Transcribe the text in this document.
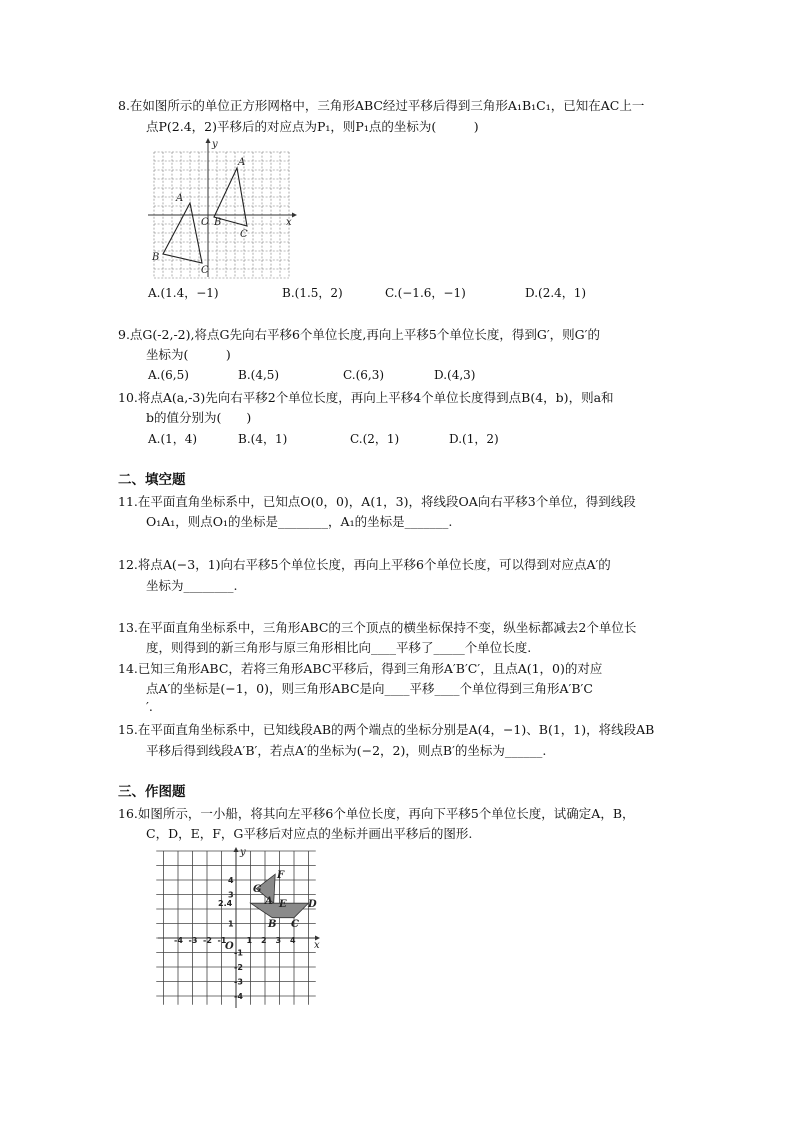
8.在如图所示的单位正方形网格中，三角形ABC经过平移后得到三角形A₁B₁C₁，已知在AC上一
点P(2.4，2)平移后的对应点为P₁，则P₁点的坐标为(　　　)
x
y
O
A
B
C
A
B
C
A.(1.4，−1)	B.(1.5，2)	C.(−1.6，−1)	D.(2.4，1)
9.点G(-2,-2),将点G先向右平移6个单位长度,再向上平移5个单位长度，得到G′，则G′的
坐标为(　　　)
A.(6,5)	B.(4,5)	C.(6,3)	D.(4,3)
10.将点A(a,-3)先向右平移2个单位长度，再向上平移4个单位长度得到点B(4，b)，则a和
b的值分别为(　　)
A.(1，4)	B.(4，1)	C.(2，1)	D.(1，2)
二、填空题
11.在平面直角坐标系中，已知点O(0，0)，A(1，3)，将线段OA向右平移3个单位，得到线段
O₁A₁，则点O₁的坐标是________，A₁的坐标是_______.
12.将点A(−3，1)向右平移5个单位长度，再向上平移6个单位长度，可以得到对应点A′的
坐标为________.
13.在平面直角坐标系中，三角形ABC的三个顶点的横坐标保持不变，纵坐标都减去2个单位长
度，则得到的新三角形与原三角形相比向____平移了_____个单位长度.
14.已知三角形ABC，若将三角形ABC平移后，得到三角形A′B′C′，且点A(1，0)的对应
点A′的坐标是(−1，0)，则三角形ABC是向____平移____个单位得到三角形A′B′C
′.
15.在平面直角坐标系中，已知线段AB的两个端点的坐标分别是A(4，−1)、B(1，1)，将线段AB
平移后得到线段A′B′，若点A′的坐标为(−2，2)，则点B′的坐标为______.
三、作图题
16.如图所示，一小船，将其向左平移6个单位长度，再向下平移5个单位长度，试确定A，B，
C，D，E，F，G平移后对应点的坐标并画出平移后的图形.
x
y
O
-4 -3 -2 -1	1 2 3 4
4
3
2.4
1
-1
-2
-3
-4
F
G
E D
B C
A
